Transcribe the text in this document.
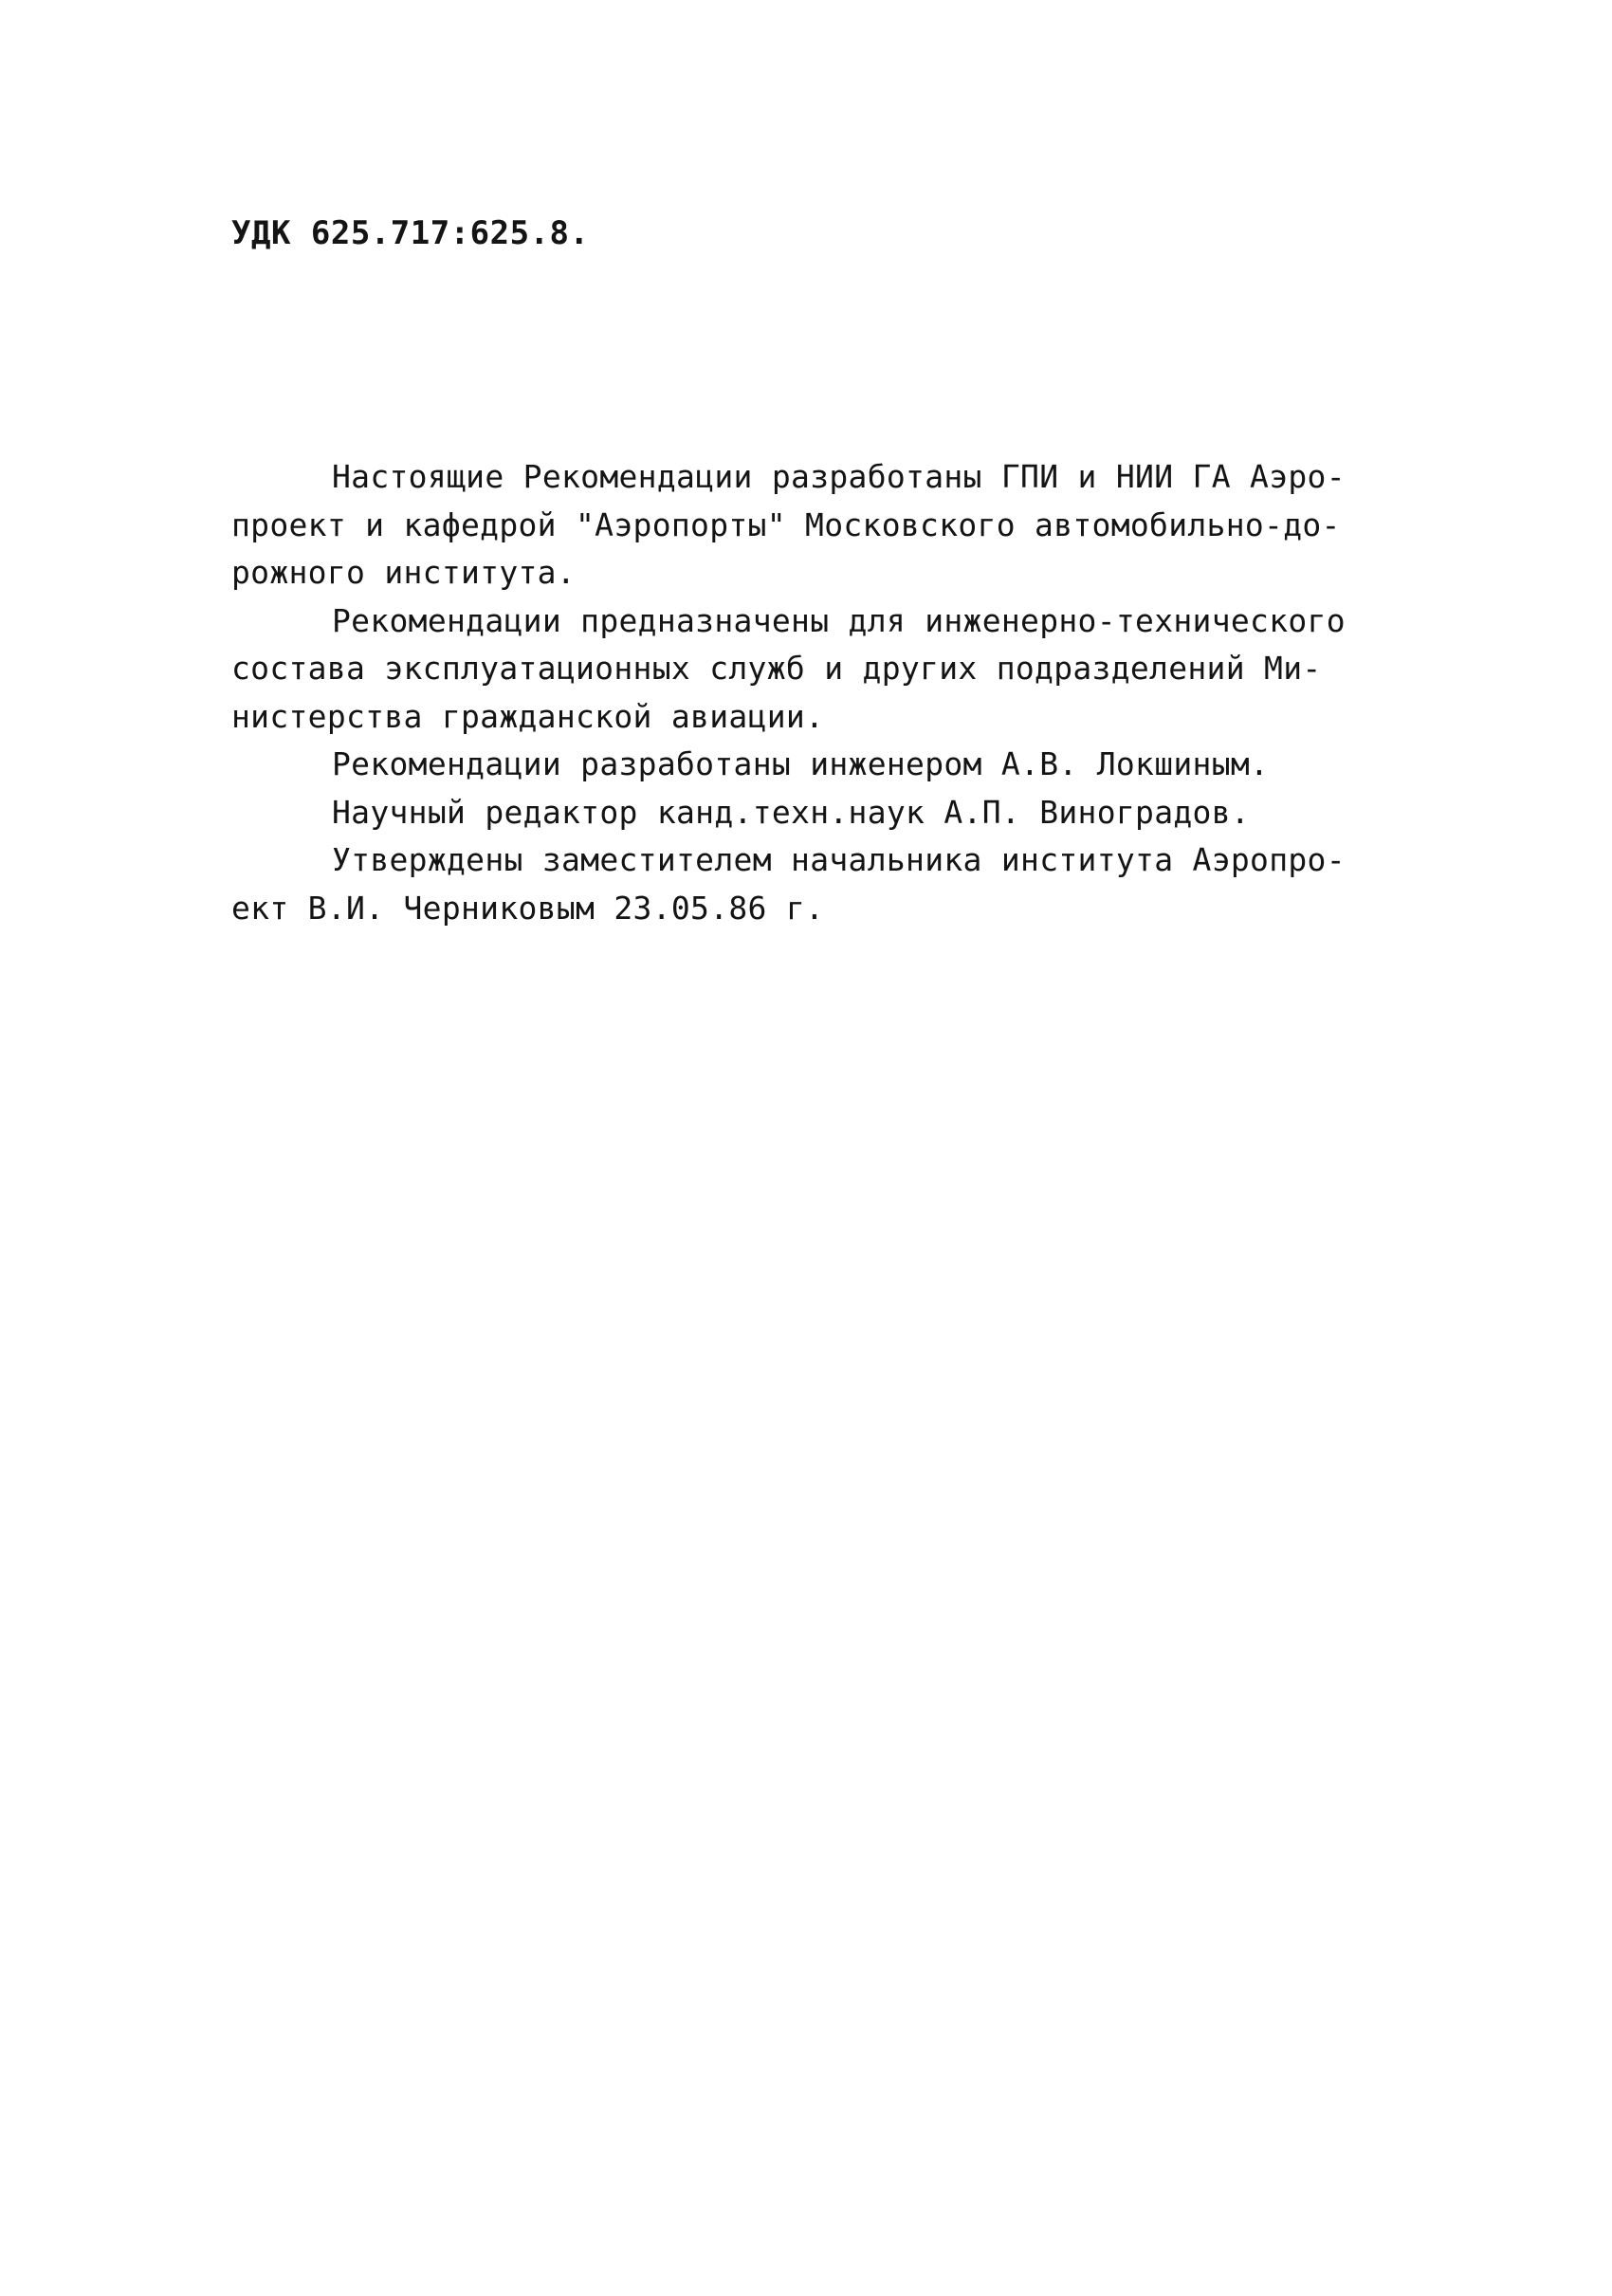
УДК 625.717:625.8.
Настоящие Рекомендации разработаны ГПИ и НИИ ГА Аэро-
проект и кафедрой "Аэропорты" Московского автомобильно-до-
рожного института.
Рекомендации предназначены для инженерно-технического
состава эксплуатационных служб и других подразделений Ми-
нистерства гражданской авиации.
Рекомендации разработаны инженером А.В. Локшиным.
Научный редактор канд.техн.наук А.П. Виноградов.
Утверждены заместителем начальника института Аэропро-
ект В.И. Черниковым 23.05.86 г.
